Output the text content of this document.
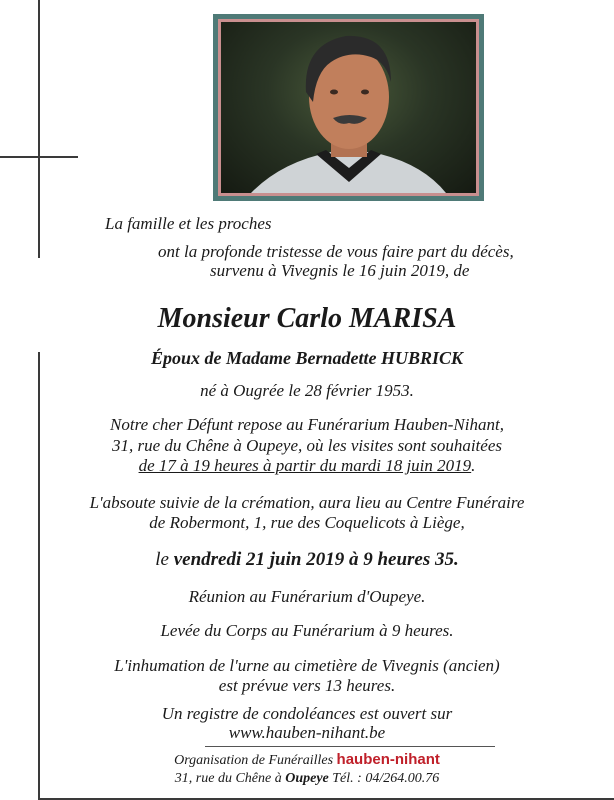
La famille et les proches
ont la profonde tristesse de vous faire part du décès,
survenu à Vivegnis le 16 juin 2019, de
Monsieur Carlo MARISA
Époux de Madame Bernadette HUBRICK
né à Ougrée le 28 février 1953.
Notre cher Défunt repose au Funérarium Hauben-Nihant,
31, rue du Chêne à Oupeye, où les visites sont souhaitées
de 17 à 19 heures à partir du mardi 18 juin 2019.
L'absoute suivie de la crémation, aura lieu au Centre Funéraire
de Robermont, 1, rue des Coquelicots à Liège,
le vendredi 21 juin 2019 à 9 heures 35.
Réunion au Funérarium d'Oupeye.
Levée du Corps au Funérarium à 9 heures.
L'inhumation de l'urne au cimetière de Vivegnis (ancien)
est prévue vers 13 heures.
Un registre de condoléances est ouvert sur
www.hauben-nihant.be
Organisation de Funérailles hauben-nihant
31, rue du Chêne à Oupeye Tél. : 04/264.00.76
